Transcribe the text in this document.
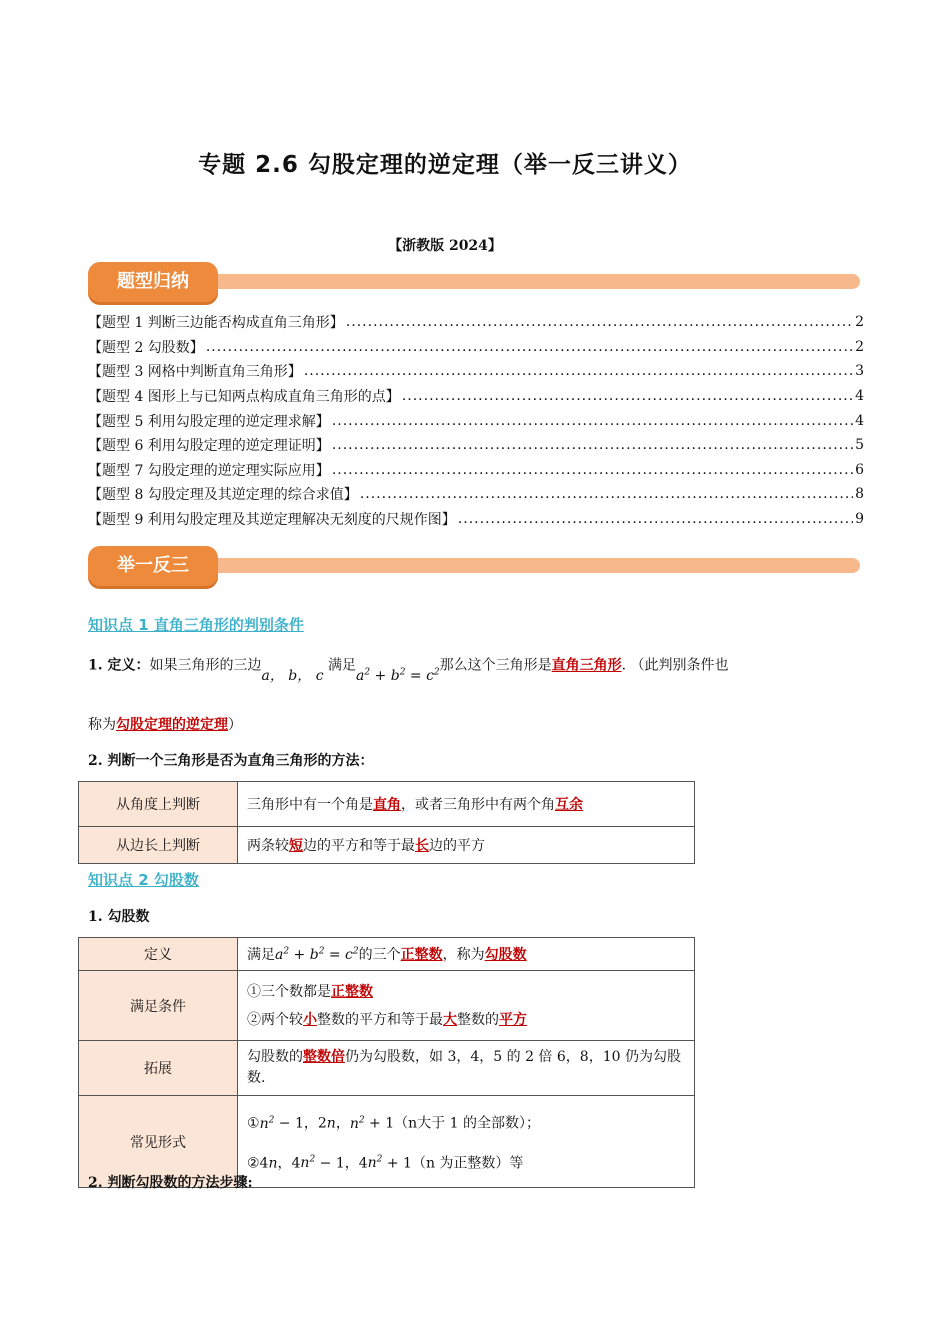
专题 2.6 勾股定理的逆定理（举一反三讲义）
【浙教版 2024】
题型归纳
【题型 1 判断三边能否构成直角三角形】 .....	2
【题型 2 勾股数】 .....	2
【题型 3 网格中判断直角三角形】 .....	3
【题型 4 图形上与已知两点构成直角三角形的点】 .....	4
【题型 5 利用勾股定理的逆定理求解】 .....	4
【题型 6 利用勾股定理的逆定理证明】 .....	5
【题型 7 勾股定理的逆定理实际应用】 .....	6
【题型 8 勾股定理及其逆定理的综合求值】 .....	8
【题型 9 利用勾股定理及其逆定理解决无刻度的尺规作图】 .....	9
举一反三
知识点 1 直角三角形的判别条件
1. 定义：如果三角形的三边a， b， c 满足$a^2 + b^2 = c^2$那么这个三角形是直角三角形. （此判别条件也
称为勾股定理的逆定理）
2. 判断一个三角形是否为直角三角形的方法：
从角度上判断	三角形中有一个角是直角，或者三角形中有两个角互余
从边长上判断	两条较短边的平方和等于最长边的平方
知识点 2 勾股数
1. 勾股数
定义	满足$a^2 + b^2 = c^2$的三个正整数，称为勾股数
满足条件	①三个数都是正整数
②两个较小整数的平方和等于最大整数的平方

拓展	勾股数的整数倍仍为勾股数，如 3，4，5 的 2 倍 6，8，10 仍为勾股数.
常见形式	$①n^2 - 1$，2n，$n^2 + 1(n$大于 1 的全部数）；
②4n，$4n^2 - 1$，$4n^2 + 1(n$ 为正整数）等
2. 判断勾股数的方法步骤:
